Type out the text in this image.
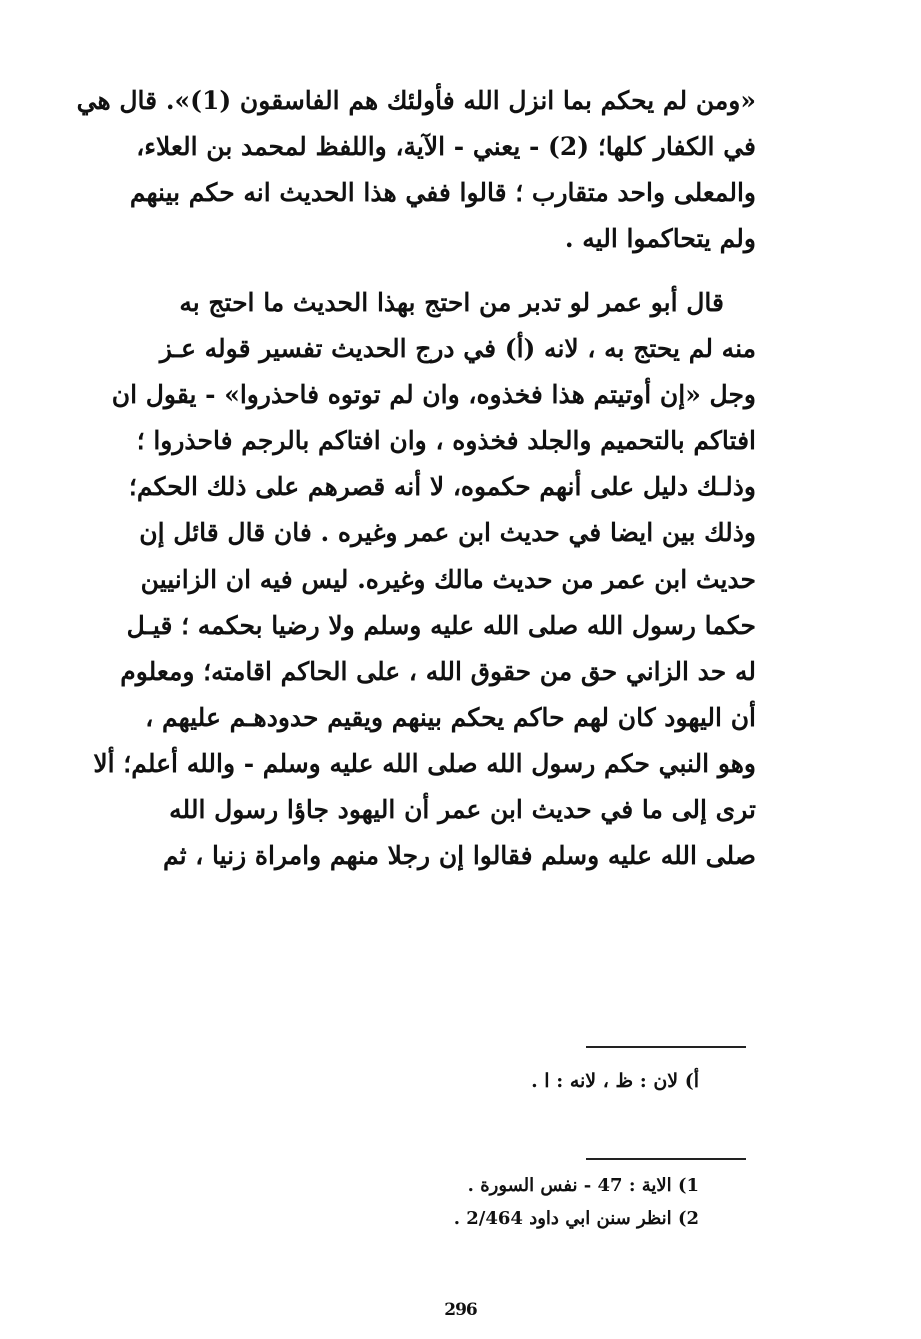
«ومن لم يحكم بما انزل الله فأولئك هم الفاسقون (1)». قال هي
في الكفار كلها؛ (2) - يعني - الآية، واللفظ لمحمد بن العلاء،
والمعلى واحد متقارب ؛ قالوا ففي هذا الحديث انه حكم بينهم
ولم يتحاكموا اليه .
قال أبو عمر لو تدبر من احتج بهذا الحديث ما احتج به
منه لم يحتج به ، لانه (أ) في درج الحديث تفسير قوله عـز
وجل «إن أوتيتم هذا فخذوه، وان لم توتوه فاحذروا» - يقول ان
افتاكم بالتحميم والجلد فخذوه ، وان افتاكم بالرجم فاحذروا ؛
وذلـك دليل على أنهم حكموه، لا أنه قصرهم على ذلك الحكم؛
وذلك بين ايضا في حديث ابن عمر وغيره . فان قال قائل إن
حديث ابن عمر من حديث مالك وغيره. ليس فيه ان الزانيين
حكما رسول الله صلى الله عليه وسلم ولا رضيا بحكمه ؛ قيـل
له حد الزاني حق من حقوق الله ، على الحاكم اقامته؛ ومعلوم
أن اليهود كان لهم حاكم يحكم بينهم ويقيم حدودهـم عليهم ،
وهو النبي حكم رسول الله صلى الله عليه وسلم - والله أعلم؛ ألا
ترى إلى ما في حديث ابن عمر أن اليهود جاؤا رسول الله
صلى الله عليه وسلم فقالوا إن رجلا منهم وامراة زنيا ، ثم
أ) لان : ظ ، لانه : ا .
1) الاية : 47 - نفس السورة .
2) انظر سنن ابي داود 2/464 .
296
